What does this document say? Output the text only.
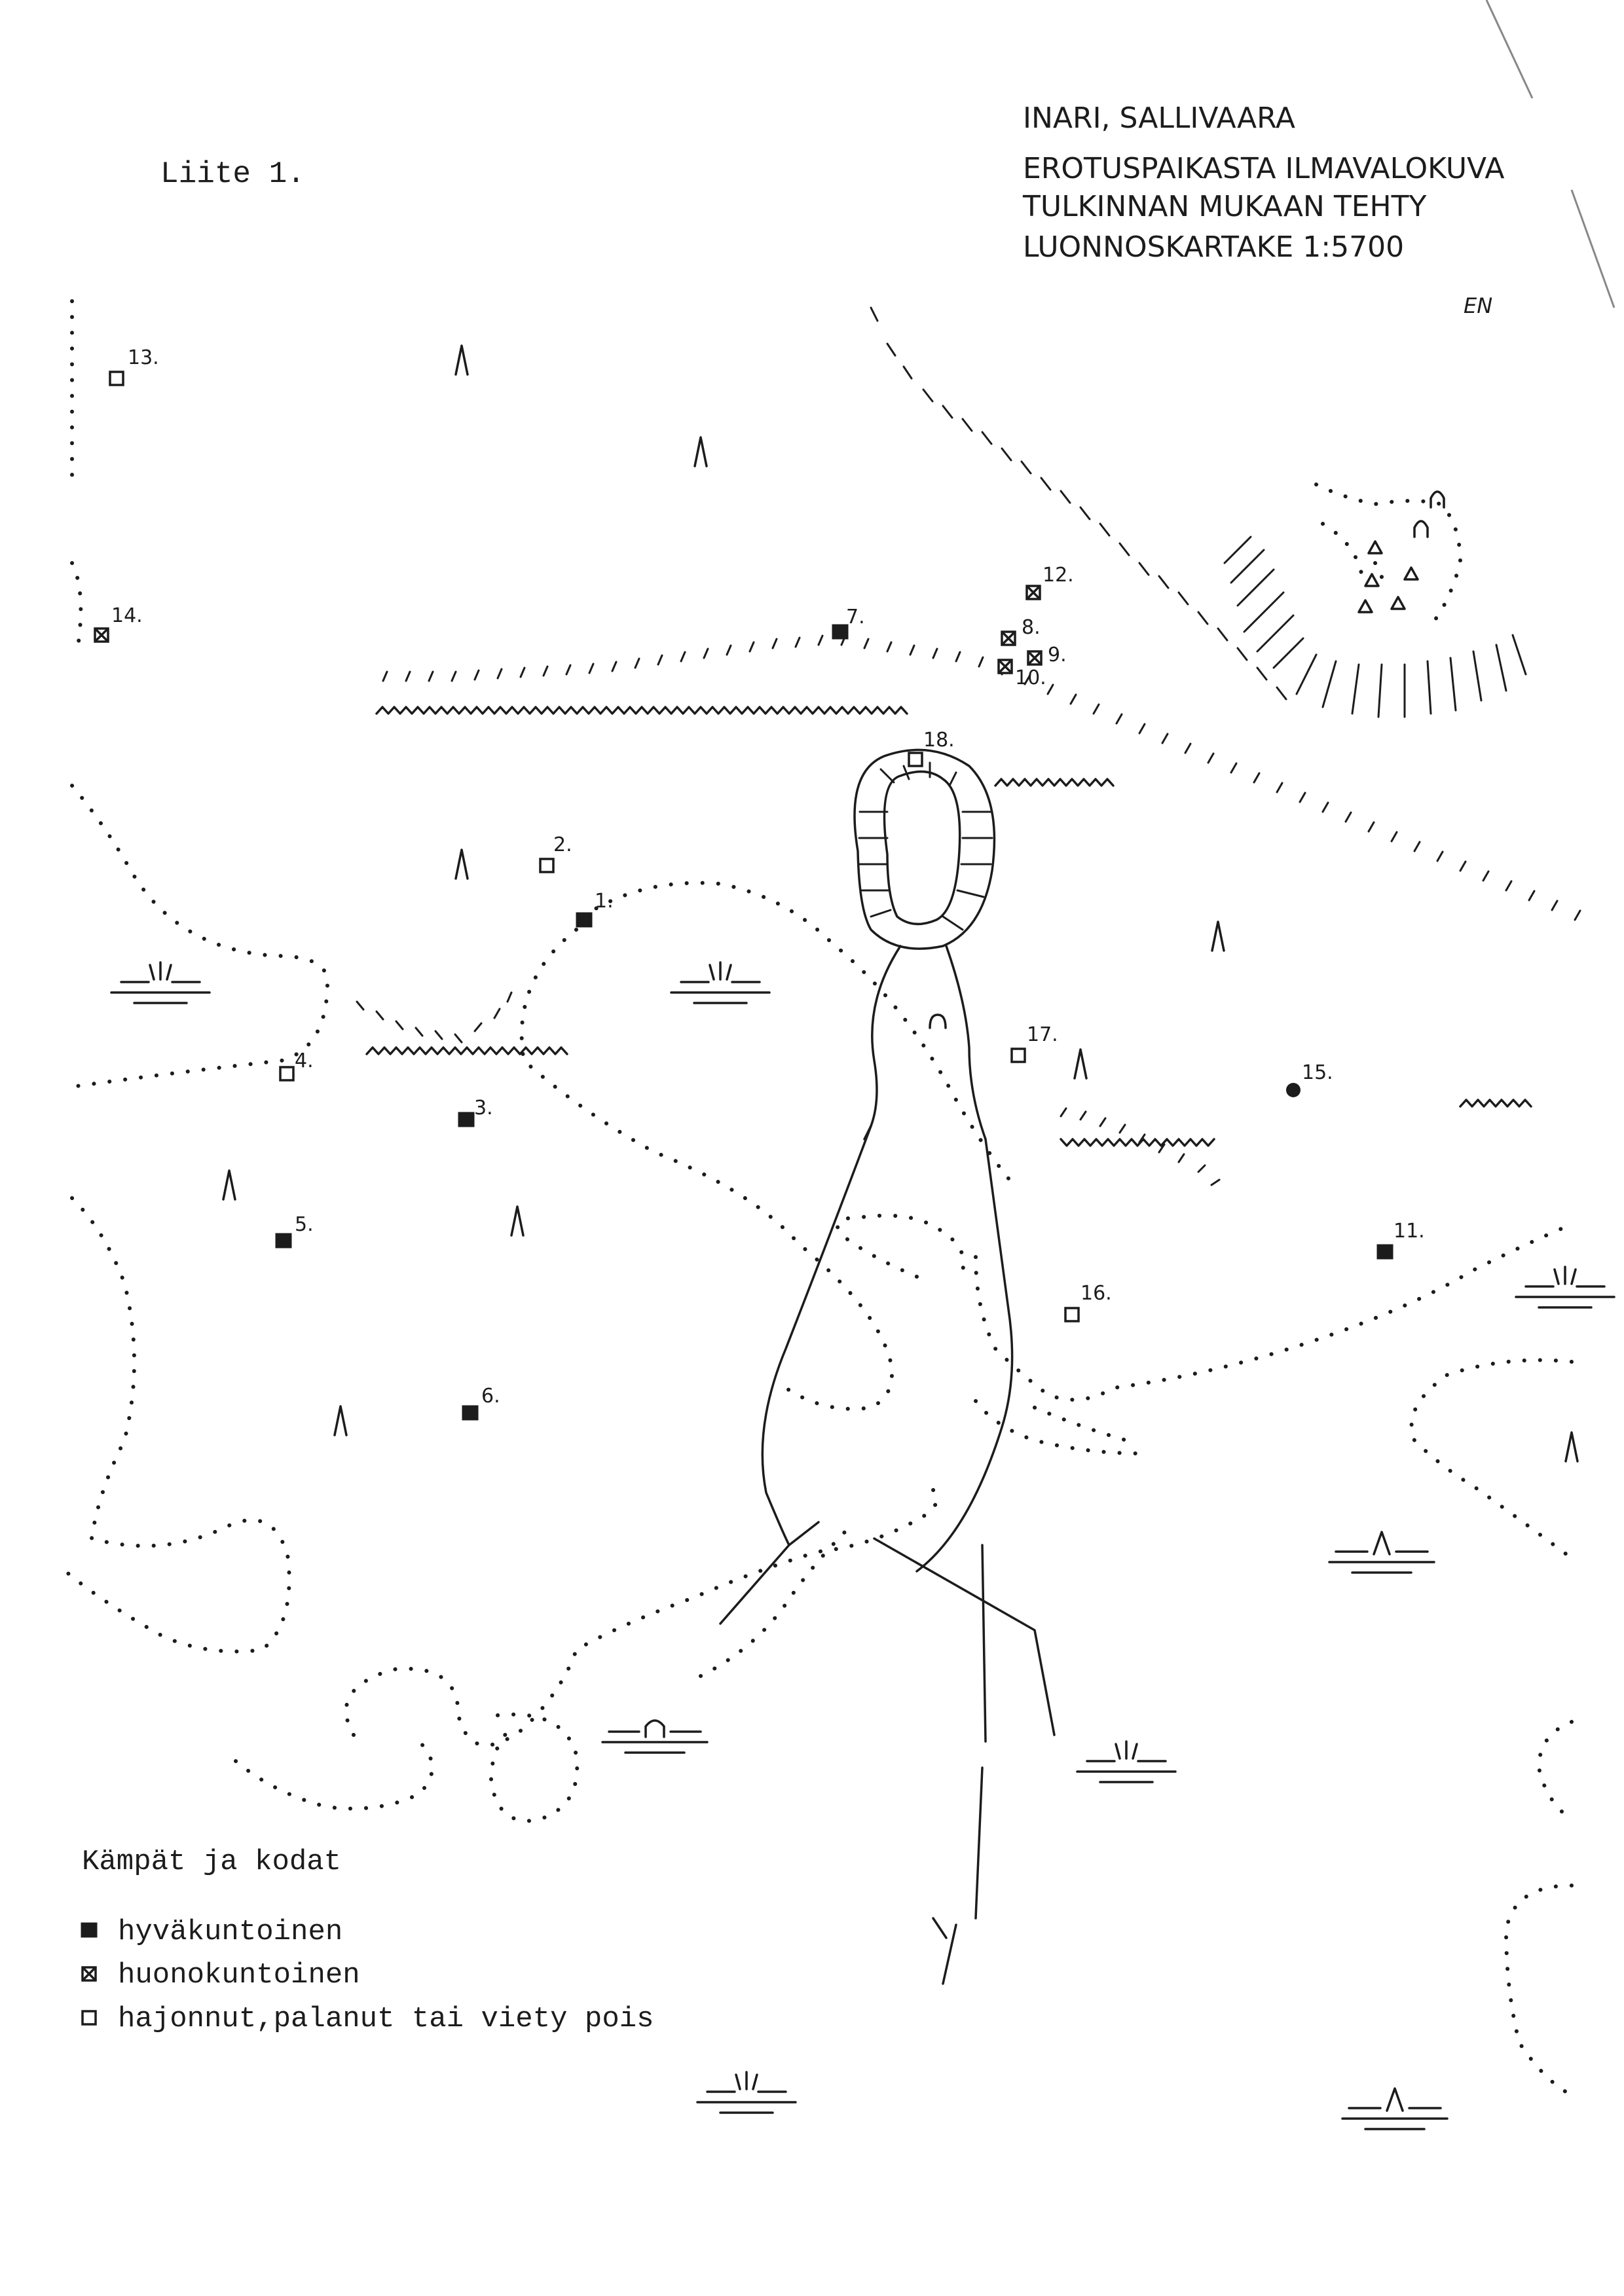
Liite 1.
INARI, SALLIVAARA
EROTUSPAIKASTA ILMAVALOKUVA
TULKINNAN MUKAAN TEHTY
LUONNOSKARTAKE 1:5700
EN
1.
2.
3.
4.
5.
6.
7.	8.
9.
10.
11.
12.
13.
14.
15.
16.
17.
18.
Kämpät ja kodat
hyväkuntoinen
huonokuntoinen
hajonnut,palanut tai viety pois
